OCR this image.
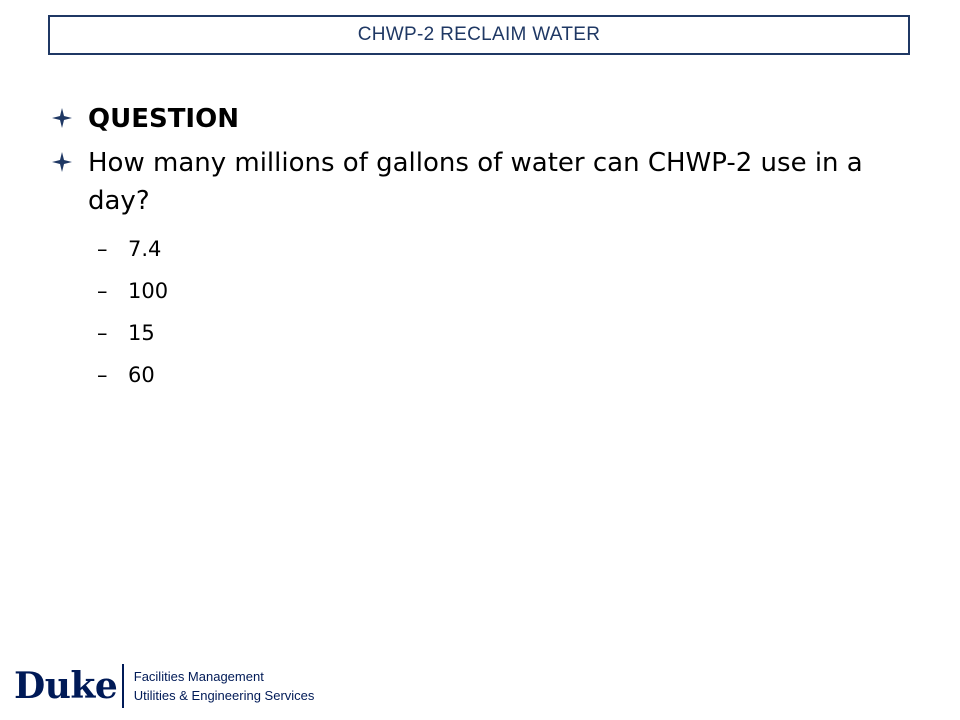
CHWP-2 RECLAIM WATER
QUESTION
How many millions of gallons of water can CHWP-2 use in a day?
– 7.4
– 100
– 15
– 60
Duke Facilities Management
Utilities & Engineering Services
